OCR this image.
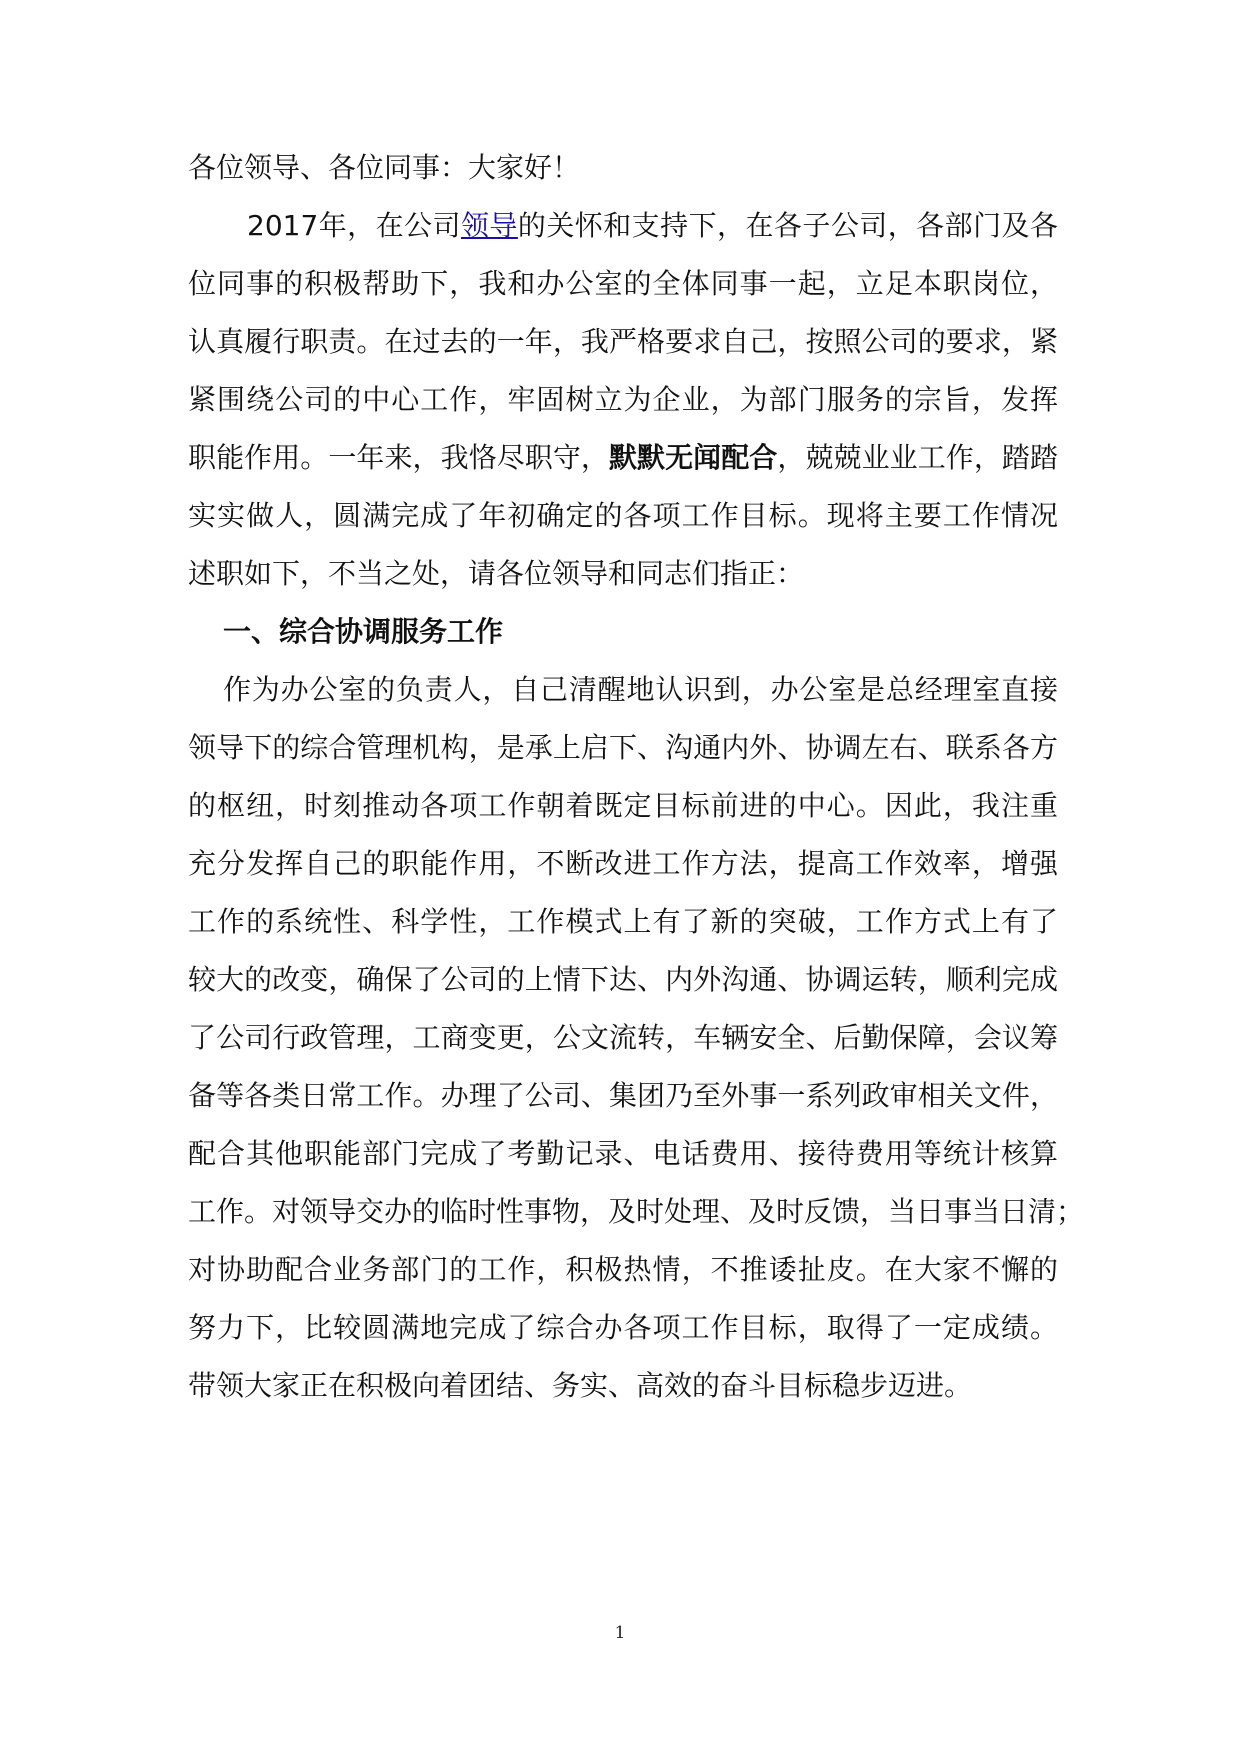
各位领导、各位同事：大家好！
2017年，在公司领导的关怀和支持下，在各子公司，各部门及各
位同事的积极帮助下，我和办公室的全体同事一起，立足本职岗位，
认真履行职责。在过去的一年，我严格要求自己，按照公司的要求，紧
紧围绕公司的中心工作，牢固树立为企业，为部门服务的宗旨，发挥
职能作用。一年来，我恪尽职守，默默无闻配合，兢兢业业工作，踏踏
实实做人，圆满完成了年初确定的各项工作目标。现将主要工作情况
述职如下，不当之处，请各位领导和同志们指正：
一、综合协调服务工作
作为办公室的负责人，自己清醒地认识到，办公室是总经理室直接
领导下的综合管理机构，是承上启下、沟通内外、协调左右、联系各方
的枢纽，时刻推动各项工作朝着既定目标前进的中心。因此，我注重
充分发挥自己的职能作用，不断改进工作方法，提高工作效率，增强
工作的系统性、科学性，工作模式上有了新的突破，工作方式上有了
较大的改变，确保了公司的上情下达、内外沟通、协调运转，顺利完成
了公司行政管理，工商变更，公文流转，车辆安全、后勤保障，会议筹
备等各类日常工作。办理了公司、集团乃至外事一系列政审相关文件，
配合其他职能部门完成了考勤记录、电话费用、接待费用等统计核算
工作。对领导交办的临时性事物，及时处理、及时反馈，当日事当日清；
对协助配合业务部门的工作，积极热情，不推诿扯皮。在大家不懈的
努力下，比较圆满地完成了综合办各项工作目标，取得了一定成绩。
带领大家正在积极向着团结、务实、高效的奋斗目标稳步迈进。
1
